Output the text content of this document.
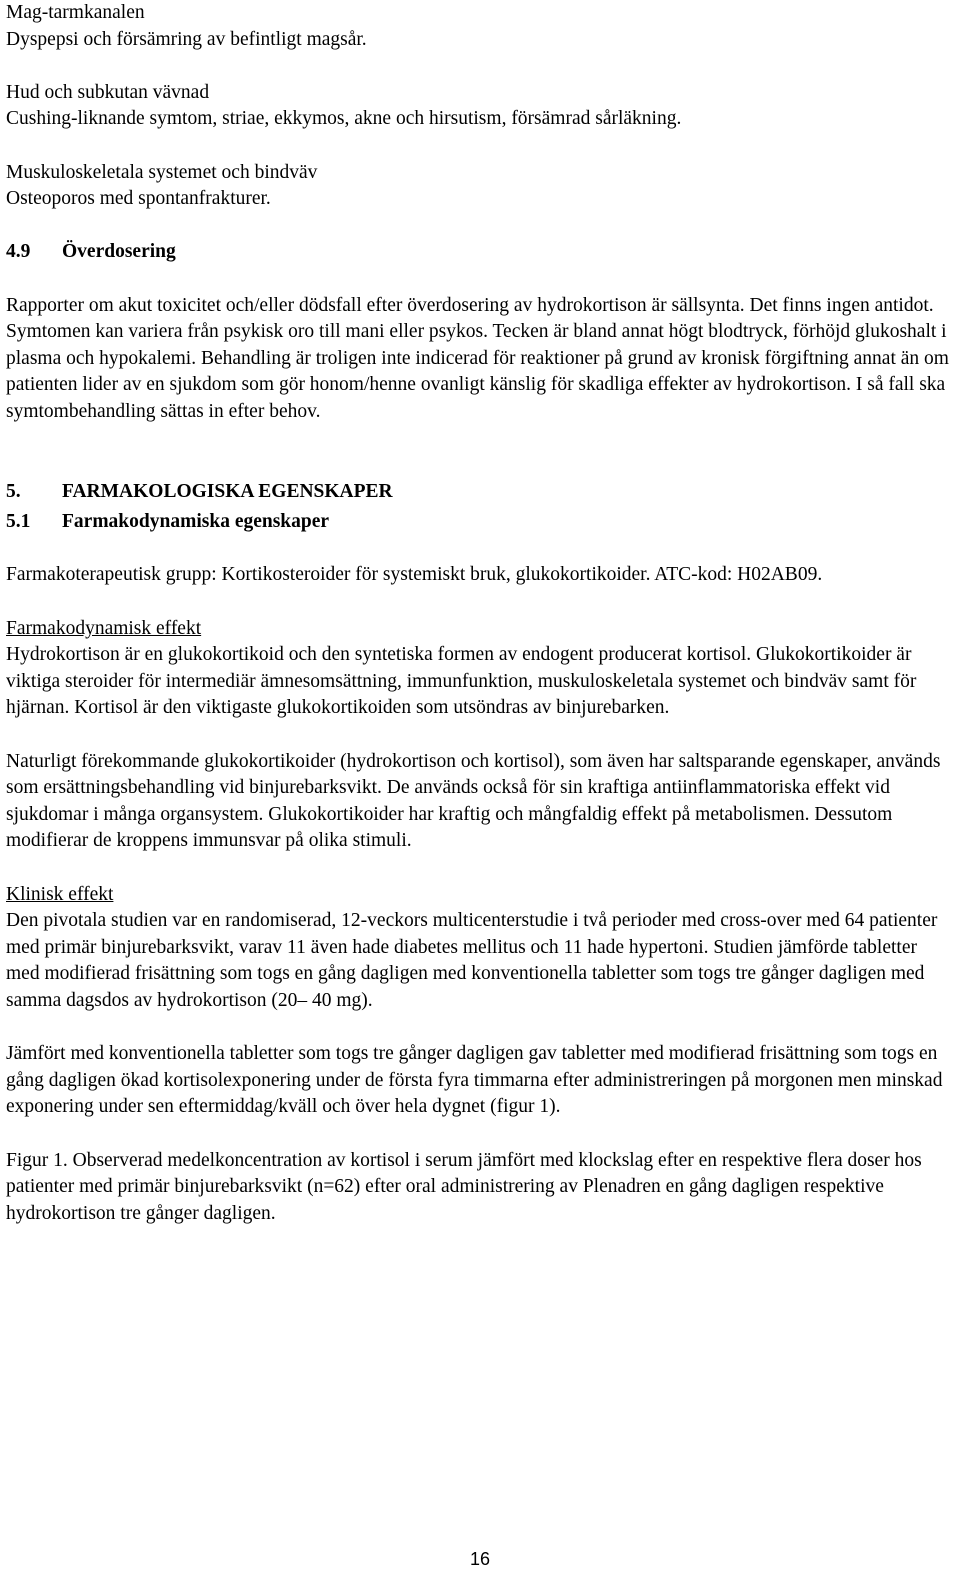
Mag-tarmkanalen

Dyspepsi och försämring av befintligt magsår.

Hud och subkutan vävnad

Cushing-liknande symtom, striae, ekkymos, akne och hirsutism, försämrad sårläkning.

Muskuloskeletala systemet och bindväv

Osteoporos med spontanfrakturer.

4.9 Överdosering

Rapporter om akut toxicitet och/eller dödsfall efter överdosering av hydrokortison är sällsynta. Det finns ingen antidot. Symtomen kan variera från psykisk oro till mani eller psykos. Tecken är bland annat högt blodtryck, förhöjd glukoshalt i plasma och hypokalemi. Behandling är troligen inte indicerad för reaktioner på grund av kronisk förgiftning annat än om patienten lider av en sjukdom som gör honom/henne ovanligt känslig för skadliga effekter av hydrokortison. I så fall ska symtombehandling sättas in efter behov.

5. FARMAKOLOGISKA EGENSKAPER

5.1 Farmakodynamiska egenskaper

Farmakoterapeutisk grupp: Kortikosteroider för systemiskt bruk, glukokortikoider. ATC-kod: H02AB09.

Farmakodynamisk effekt

Hydrokortison är en glukokortikoid och den syntetiska formen av endogent producerat kortisol. Glukokortikoider är viktiga steroider för intermediär ämnesomsättning, immunfunktion, muskuloskeletala systemet och bindväv samt för hjärnan. Kortisol är den viktigaste glukokortikoiden som utsöndras av binjurebarken.

Naturligt förekommande glukokortikoider (hydrokortison och kortisol), som även har saltsparande egenskaper, används som ersättningsbehandling vid binjurebarksvikt. De används också för sin kraftiga antiinflammatoriska effekt vid sjukdomar i många organsystem. Glukokortikoider har kraftig och mångfaldig effekt på metabolismen. Dessutom modifierar de kroppens immunsvar på olika stimuli.

Klinisk effekt

Den pivotala studien var en randomiserad, 12-veckors multicenterstudie i två perioder med cross-over med 64 patienter med primär binjurebarksvikt, varav 11 även hade diabetes mellitus och 11 hade hypertoni. Studien jämförde tabletter med modifierad frisättning som togs en gång dagligen med konventionella tabletter som togs tre gånger dagligen med samma dagsdos av hydrokortison (20– 40 mg).

Jämfört med konventionella tabletter som togs tre gånger dagligen gav tabletter med modifierad frisättning som togs en gång dagligen ökad kortisolexponering under de första fyra timmarna efter administreringen på morgonen men minskad exponering under sen eftermiddag/kväll och över hela dygnet (figur 1).

Figur 1. Observerad medelkoncentration av kortisol i serum jämfört med klockslag efter en respektive flera doser hos patienter med primär binjurebarksvikt (n=62) efter oral administrering av Plenadren en gång dagligen respektive hydrokortison tre gånger dagligen.

16
